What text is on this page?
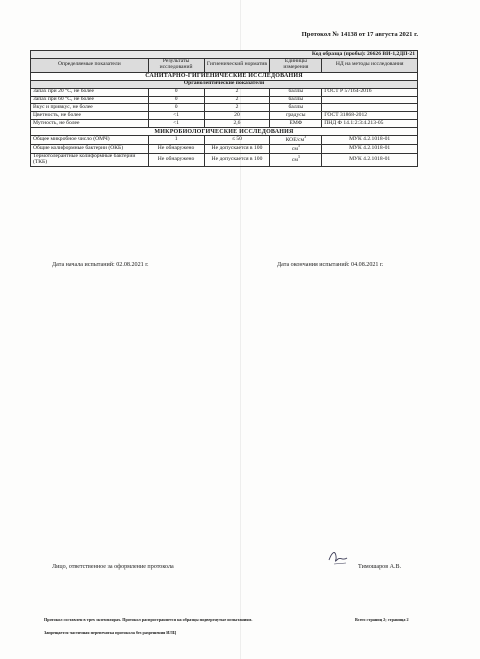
Протокол № 14138 от 17 августа 2021 г.
Код образца (пробы): 26626 ВИ-1,2ДП-21				
Определяемые показатели	Результаты исследований	Гигиенический норматив	Единицы измерения	НД на методы исследования
САНИТАРНО-ГИГИЕНИЧЕСКИЕ ИССЛЕДОВАНИЯ				
Органолептические показатели				
Запах при 20 °C, не более	0	2	баллы	ГОСТ Р 57164-2016
Запах при 60 °C, не более	0	2	баллы	
Вкус и привкус, не более	0	2	баллы	
Цветность, не более	<1	20	градусы	ГОСТ 31868-2012
Мутность, не более	<1	2,6	ЕМФ	ПНД Ф 14.1:2:3:4.213-05
МИКРОБИОЛОГИЧЕСКИЕ ИССЛЕДОВАНИЯ				
Общее микробное число (ОМЧ)	1	≤ 50	КОЕ/$см^3$	МУК 4.2.1018-01
Общие колиформные бактерии (ОКБ)	Не обнаружено	Не допускается в 100	$см^3$	МУК 4.2.1018-01
Термотолерантные колиформные бактерии (ТКБ)	Не обнаружено	Не допускается в 100	$см^3$	МУК 4.2.1018-01
Дата начала испытаний: 02.08.2021 г.	Дата окончания испытаний: 04.08.2021 г.
Лицо, ответственное за оформление протокола	Тимошаров А.В.
Протокол составлен в трех экземплярах. Протокол распространяется на образцы подвергнутые испытаниям.
Запрещается частичная перепечатка протокола без разрешения ИЛЦ
Всего страниц 2; страница 2
